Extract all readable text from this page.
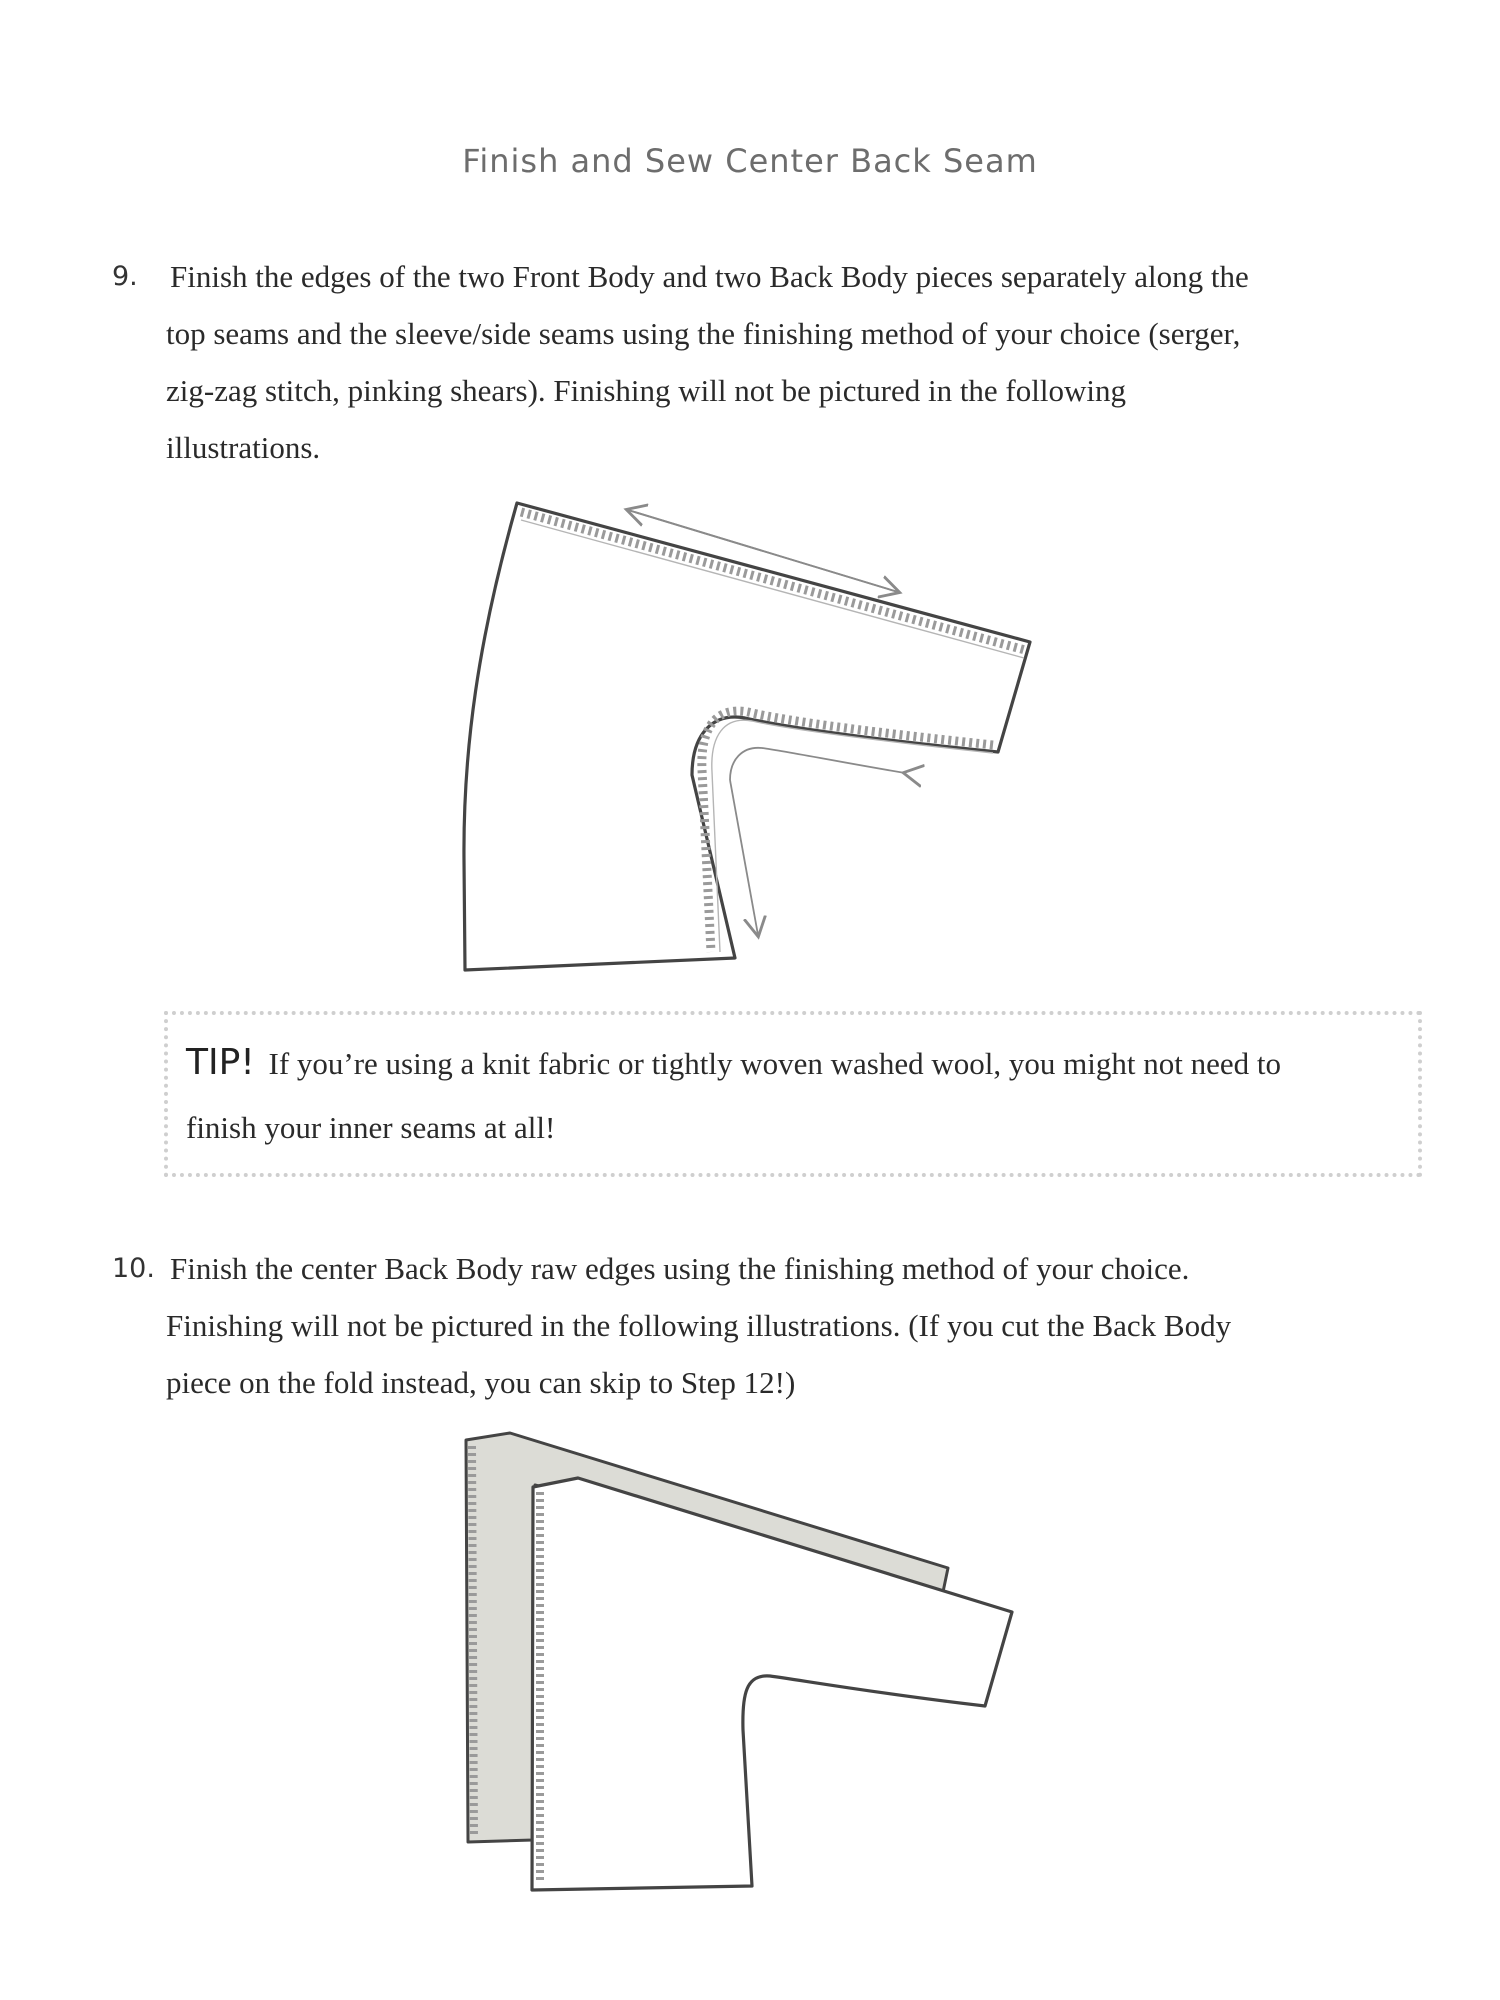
Finish and Sew Center Back Seam
9.	Finish the edges of the two Front Body and two Back Body pieces separately along the
top seams and the sleeve/side seams using the finishing method of your choice (serger,
zig-zag stitch, pinking shears). Finishing will not be pictured in the following
illustrations.
TIP! If you’re using a knit fabric or tightly woven washed wool, you might not need to
finish your inner seams at all!
10. Finish the center Back Body raw edges using the finishing method of your choice.
Finishing will not be pictured in the following illustrations. (If you cut the Back Body
piece on the fold instead, you can skip to Step 12!)
